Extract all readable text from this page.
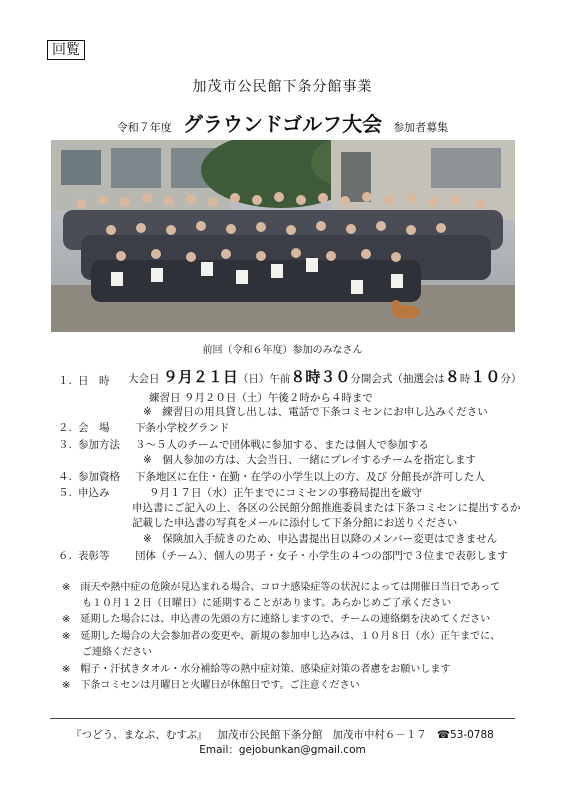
回覧
加茂市公民館下条分館事業
令和７年度 グラウンドゴルフ大会 参加者募集
前回（令和６年度）参加のみなさん
１. 日　時 大会日 ９月２１日（日）午前８時３０分開会式（抽選会は８時１０分）
練習日 ９月２０日（土）午後２時から４時まで
※　練習日の用具貸し出しは、電話で下条コミセンにお申し込みください
２. 会　場 下条小学校グランド
３. 参加方法 ３～５人のチームで団体戦に参加する、または個人で参加する
※　個人参加の方は、大会当日、一緒にプレイするチームを指定します
４. 参加資格 下条地区に在住・在勤・在学の小学生以上の方、及び 分館長が許可した人
５. 申込み	９月１７日（水）正午までにコミセンの事務局提出を厳守
申込書にご記入の上、各区の公民館分館推進委員または下条コミセンに提出するか
記載した申込書の写真をメールに添付して下条分館にお送りください
※　保険加入手続きのため、申込書提出日以降のメンバー変更はできません
６. 表彰等 団体（チーム）、個人の男子・女子・小学生の４つの部門で３位まで表彰します
※　雨天や熱中症の危険が見込まれる場合、コロナ感染症等の状況によっては開催日当日であって
も１０月１２日（日曜日）に延期することがあります。あらかじめご了承ください
※　延期した場合には、申込書の先頭の方に連絡しますので、チームの連絡網を決めてください
※　延期した場合の大会参加者の変更や、新規の参加申し込みは、１０月８日（水）正午までに、
ご連絡ください
※　帽子・汗拭きタオル・水分補給等の熱中症対策、感染症対策の者慮をお願いします
※　下条コミセンは月曜日と火曜日が休館日です。ご注意ください
『つどう、まなぶ、むすぶ』 加茂市公民館下条分館 加茂市中村６－１７ ☎53-0788
Email：gejobunkan@gmail.com
